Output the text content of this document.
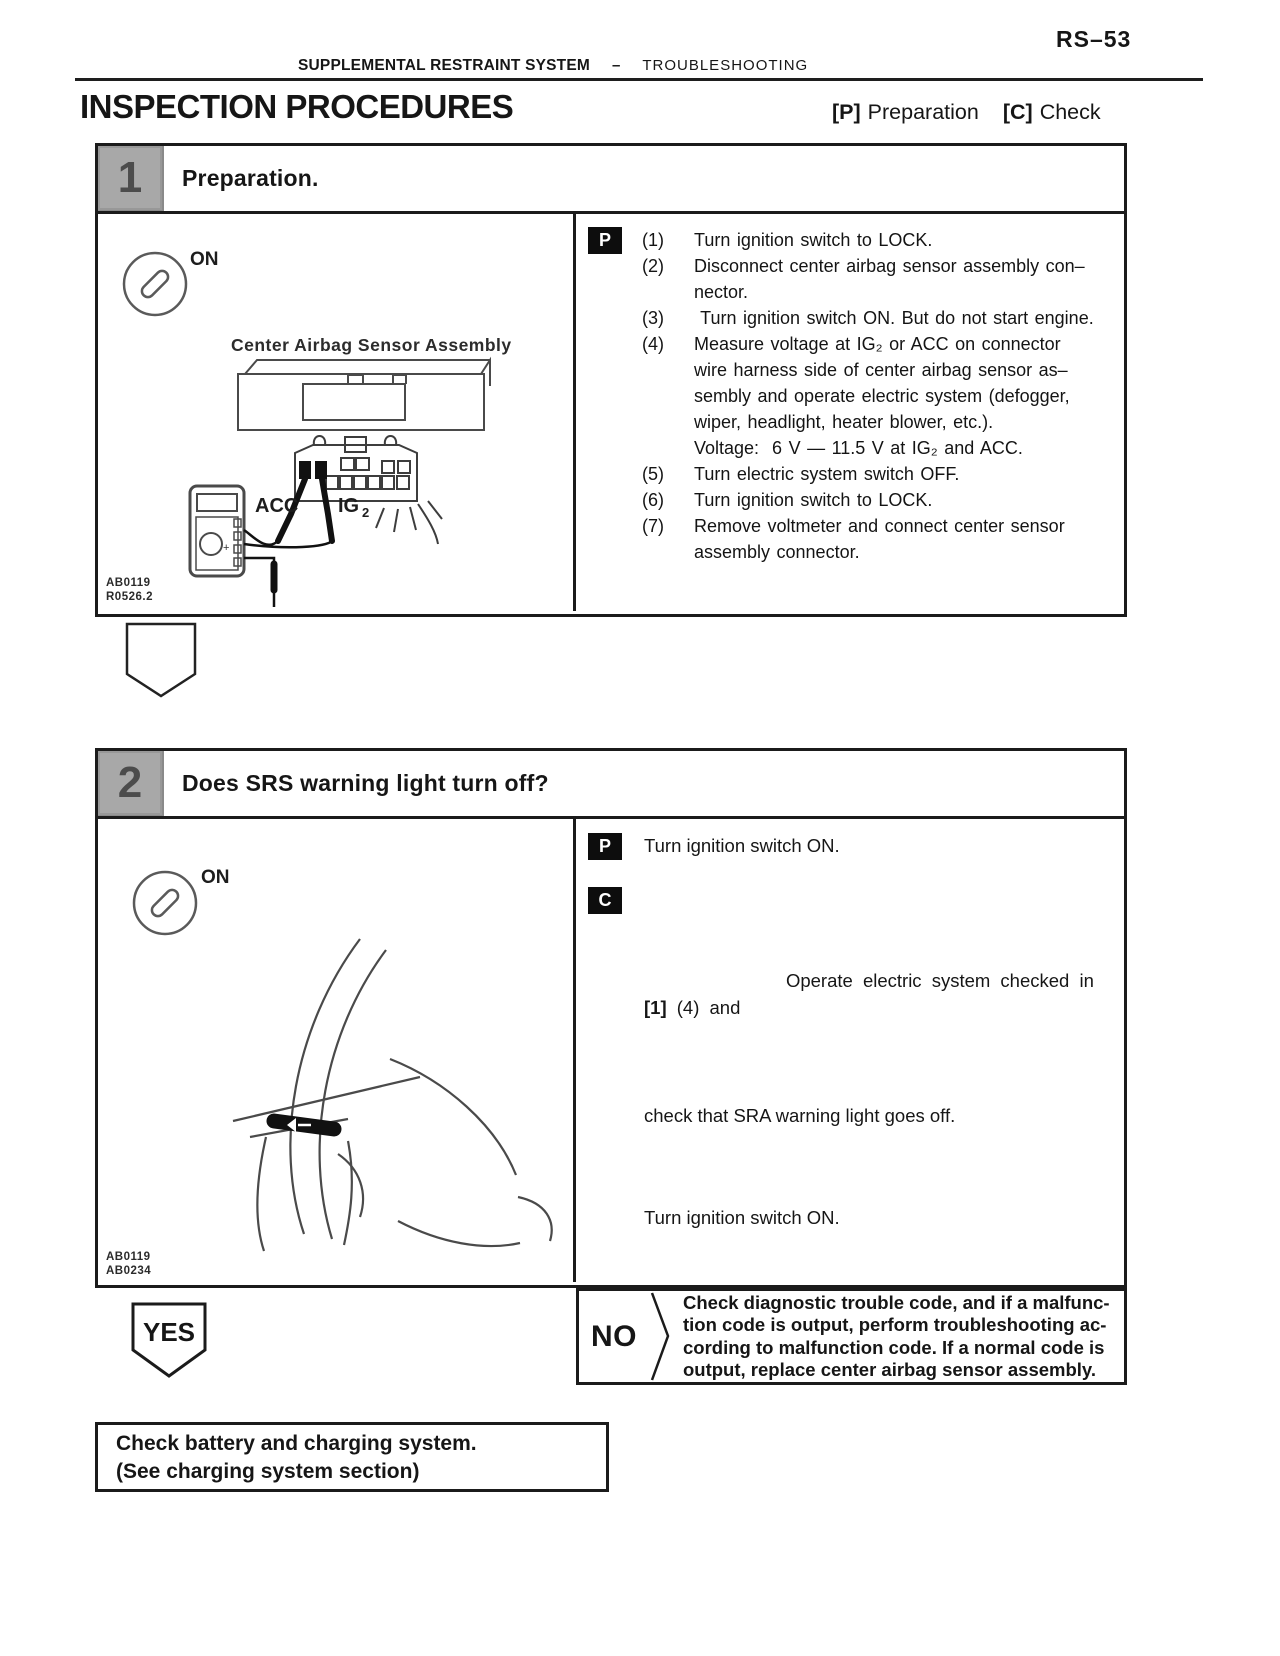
RS–53
SUPPLEMENTAL RESTRAINT SYSTEM – TROUBLESHOOTING
INSPECTION PROCEDURES	[P] Preparation [C] Check
1	Preparation.
ON
Center Airbag Sensor Assembly
+
ACC IG 2
AB0119
R0526.2
P	(1)	Turn ignition switch to LOCK.
(2)	Disconnect center airbag sensor assembly con–
nector.
(3)	Turn ignition switch ON. But do not start engine.
(4)	Measure voltage at IG₂ or ACC on connector
wire harness side of center airbag sensor as–
sembly and operate electric system (defogger,
wiper, headlight, heater blower, etc.).
Voltage:  6 V — 11.5 V at IG₂ and ACC.
(5)	Turn electric system switch OFF.
(6)	Turn ignition switch to LOCK.
(7)	Remove voltmeter and connect center sensor
assembly connector.
2	Does SRS warning light turn off?
ON
AB0119
AB0234
P	Turn ignition switch ON.
C

Operate electric system checked in [1] (4) and

check that SRA warning light goes off.

Turn ignition switch ON.
NO
Check diagnostic trouble code, and if a malfunc-
tion code is output, perform troubleshooting ac-
cording to malfunction code. If a normal code is
output, replace center airbag sensor assembly.
YES
Check battery and charging system.
(See charging system section)
